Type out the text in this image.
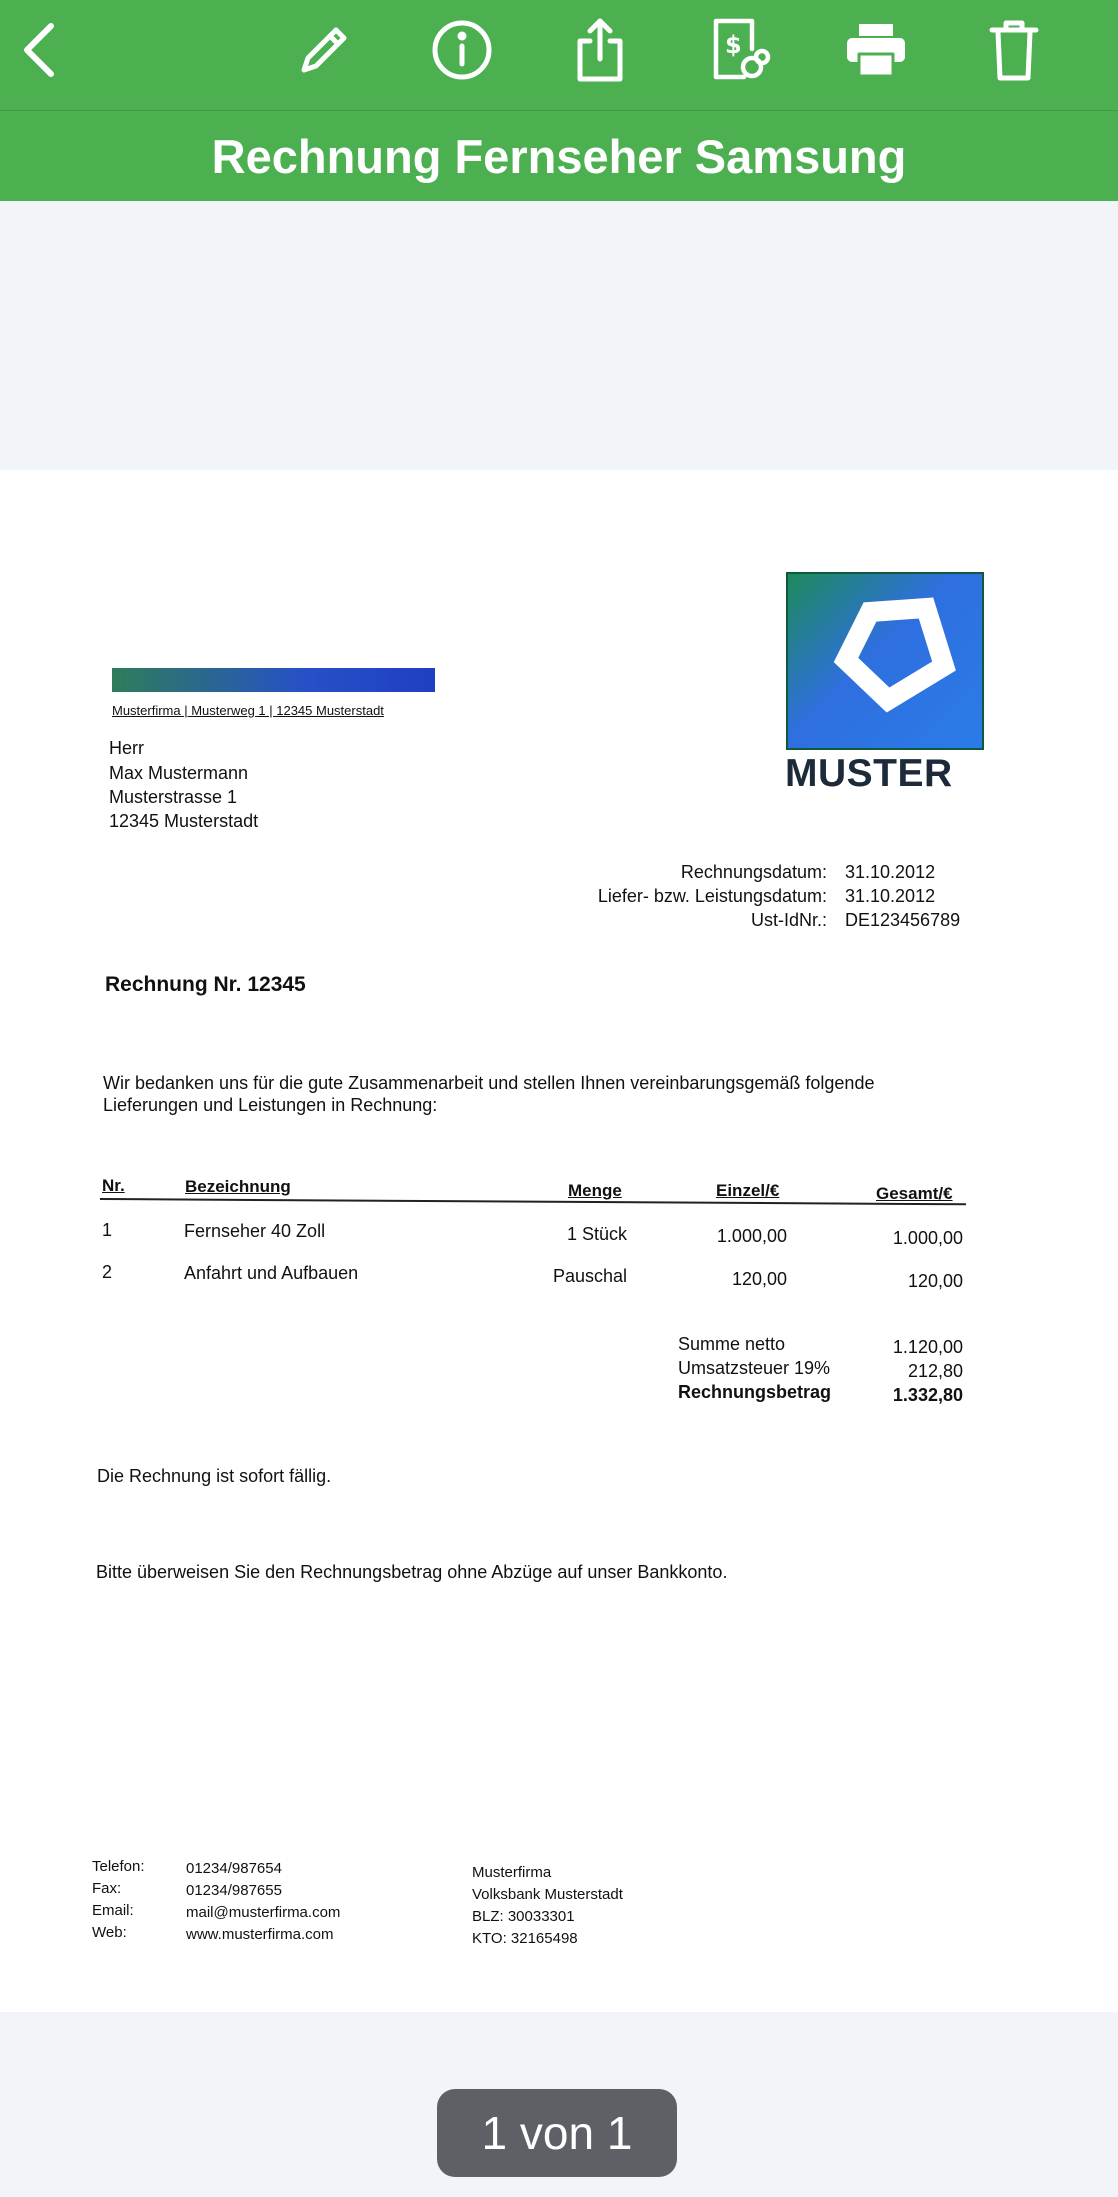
$
Rechnung Fernseher Samsung
Musterfirma | Musterweg 1 | 12345 Musterstadt
Herr
Max Mustermann
Musterstrasse 1
12345 Musterstadt
MUSTER
Rechnungsdatum: 31.10.2012
Liefer- bzw. Leistungsdatum: 31.10.2012
Ust-IdNr.: DE123456789
Rechnung Nr. 12345
Wir bedanken uns für die gute Zusammenarbeit und stellen Ihnen vereinbarungsgemäß folgende
Lieferungen und Leistungen in Rechnung:
Nr.	Bezeichnung	Menge	Einzel/€	Gesamt/€
1	Fernseher 40 Zoll	1 Stück	1.000,00	1.000,00
2	Anfahrt und Aufbauen	Pauschal	120,00	120,00
Summe netto	1.120,00
Umsatzsteuer 19%	212,80
Rechnungsbetrag	1.332,80
Die Rechnung ist sofort fällig.
Bitte überweisen Sie den Rechnungsbetrag ohne Abzüge auf unser Bankkonto.
Telefon:	01234/987654
Fax:	01234/987655
Email:	mail@musterfirma.com
Web:	www.musterfirma.com
Musterfirma
Volksbank Musterstadt
BLZ: 30033301
KTO: 32165498
1 von 1
